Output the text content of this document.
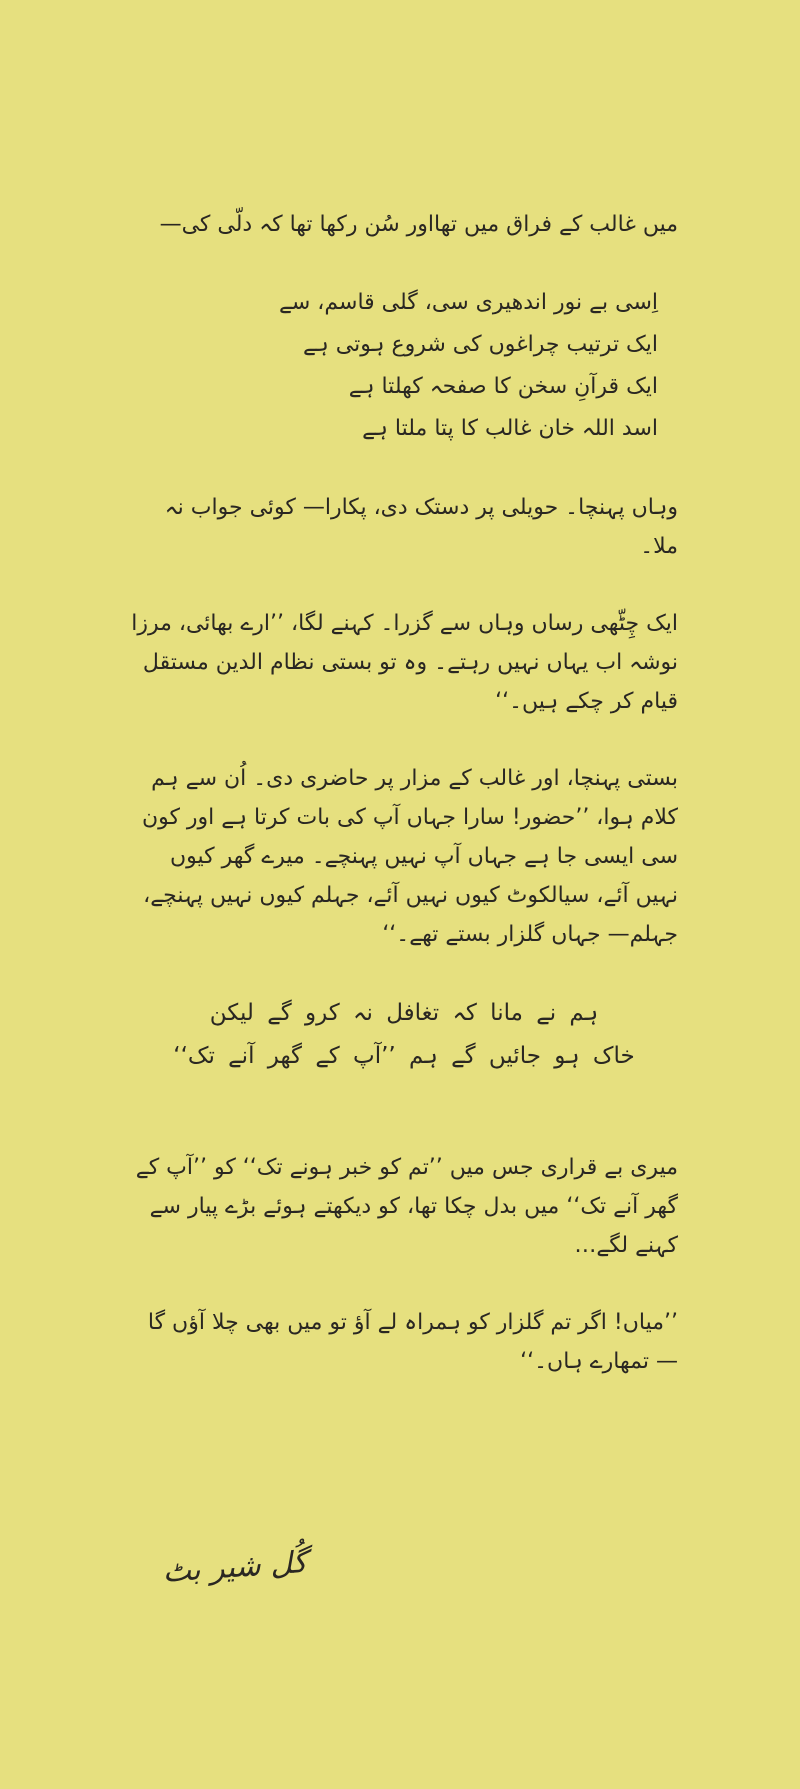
میں غالب کے فراق میں تھااور سُن رکھا تھا کہ دلّی کی—

اِسی بے نور اندھیری سی، گلی قاسم، سے
ایک ترتیب چراغوں کی شروع ہوتی ہے
ایک قرآنِ سخن کا صفحہ کھلتا ہے
اسد اللہ خان غالب کا پتا ملتا ہے

وہاں پہنچا۔ حویلی پر دستک دی، پکارا— کوئی جواب نہ ملا۔

ایک چِٹّھی رساں وہاں سے گزرا۔ کہنے لگا، ’’ارے بھائی، مرزا نوشہ اب یہاں نہیں رہتے۔ وہ تو بستی نظام الدین مستقل قیام کر چکے ہیں۔‘‘

بستی پہنچا، اور غالب کے مزار پر حاضری دی۔ اُن سے ہم کلام ہوا، ’’حضور! سارا جہاں آپ کی بات کرتا ہے اور کون سی ایسی جا ہے جہاں آپ نہیں پہنچے۔ میرے گھر کیوں نہیں آئے، سیالکوٹ کیوں نہیں آئے، جہلم کیوں نہیں پہنچے، جہلم— جہاں گلزار بستے تھے۔‘‘

ہم نے مانا کہ تغافل نہ کرو گے لیکن
خاک ہو جائیں گے ہم ’’آپ کے گھر آنے تک‘‘

میری بے قراری جس میں ’’تم کو خبر ہونے تک‘‘ کو ’’آپ کے گھر آنے تک‘‘ میں بدل چکا تھا، کو دیکھتے ہوئے بڑے پیار سے کہنے لگے…

’’میاں! اگر تم گلزار کو ہمراہ لے آؤ تو میں بھی چلا آؤں گا— تمھارے ہاں۔‘‘

گُل شیر بٹ
